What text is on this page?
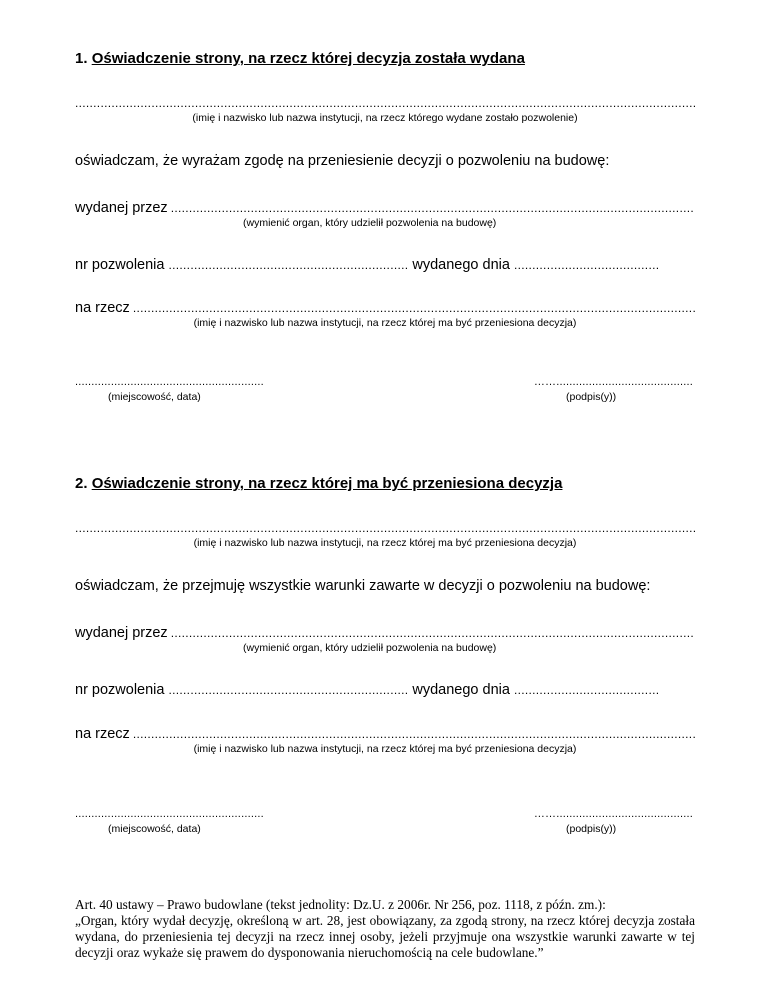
1. Oświadczenie strony, na rzecz której decyzja została wydana
.....
(imię i nazwisko lub nazwa instytucji, na rzecz którego wydane zostało pozwolenie)
oświadczam, że wyrażam zgodę na przeniesienie decyzji o pozwoleniu na budowę:
wydanej przez
.....
(wymienić organ, który udzielił pozwolenia na budowę)
nr pozwolenia .................................................................. wydanego dnia ........................................
na rzecz
.....
(imię i nazwisko lub nazwa instytucji, na rzecz której ma być przeniesiona decyzja)
..........................................................
(miejscowość, data)
……..........................................
(podpis(y))
2. Oświadczenie strony, na rzecz której ma być przeniesiona decyzja
.....
(imię i nazwisko lub nazwa instytucji, na rzecz której ma być przeniesiona decyzja)
oświadczam, że przejmuję wszystkie warunki zawarte w decyzji o pozwoleniu na budowę:
wydanej przez
.....
(wymienić organ, który udzielił pozwolenia na budowę)
nr pozwolenia .................................................................. wydanego dnia ........................................
na rzecz
.....
(imię i nazwisko lub nazwa instytucji, na rzecz której ma być przeniesiona decyzja)
..........................................................
(miejscowość, data)
……..........................................
(podpis(y))
Art. 40 ustawy – Prawo budowlane (tekst jednolity: Dz.U. z 2006r. Nr 256, poz. 1118, z późn. zm.):
„Organ, który wydał decyzję, określoną w art. 28, jest obowiązany, za zgodą strony, na rzecz której decyzja została wydana, do przeniesienia tej decyzji na rzecz innej osoby, jeżeli przyjmuje ona wszystkie warunki zawarte w tej decyzji oraz wykaże się prawem do dysponowania nieruchomością na cele budowlane.”
